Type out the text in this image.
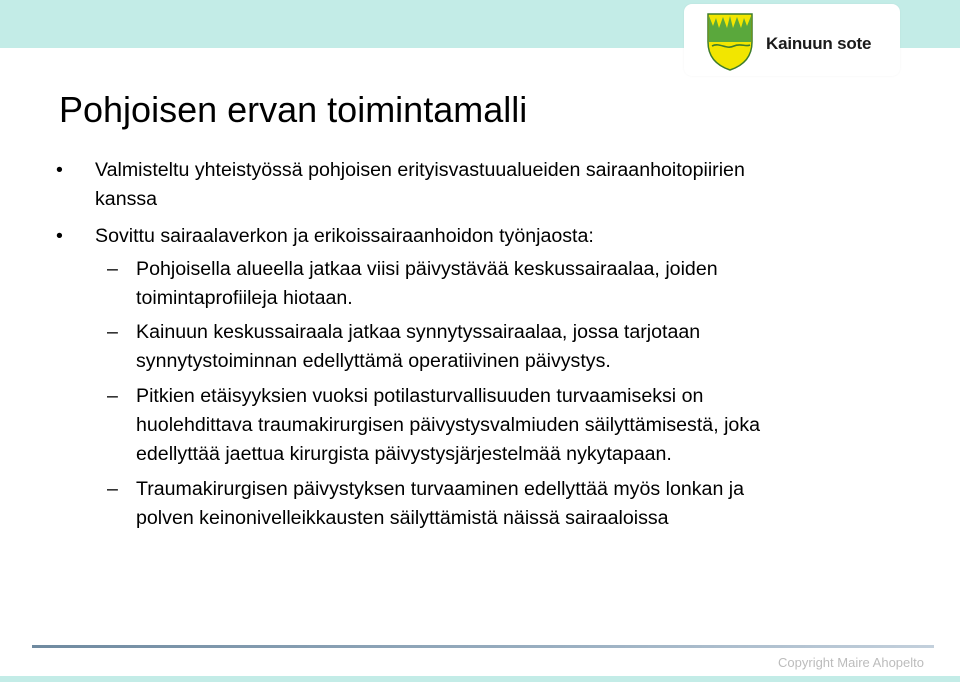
Kainuun sote
Pohjoisen ervan toimintamalli
• Valmisteltu yhteistyössä pohjoisen erityisvastuualueiden sairaanhoitopiirien
kanssa
• Sovittu sairaalaverkon ja erikoissairaanhoidon työnjaosta:
– Pohjoisella alueella jatkaa viisi päivystävää keskussairaalaa, joiden
toimintaprofiileja hiotaan.
– Kainuun keskussairaala jatkaa synnytyssairaalaa, jossa tarjotaan
synnytystoiminnan edellyttämä operatiivinen päivystys.
– Pitkien etäisyyksien vuoksi potilasturvallisuuden turvaamiseksi on
huolehdittava traumakirurgisen päivystysvalmiuden säilyttämisestä, joka
edellyttää jaettua kirurgista päivystysjärjestelmää nykytapaan.
– Traumakirurgisen päivystyksen turvaaminen edellyttää myös lonkan ja
polven keinonivelleikkausten säilyttämistä näissä sairaaloissa
Copyright Maire Ahopelto
